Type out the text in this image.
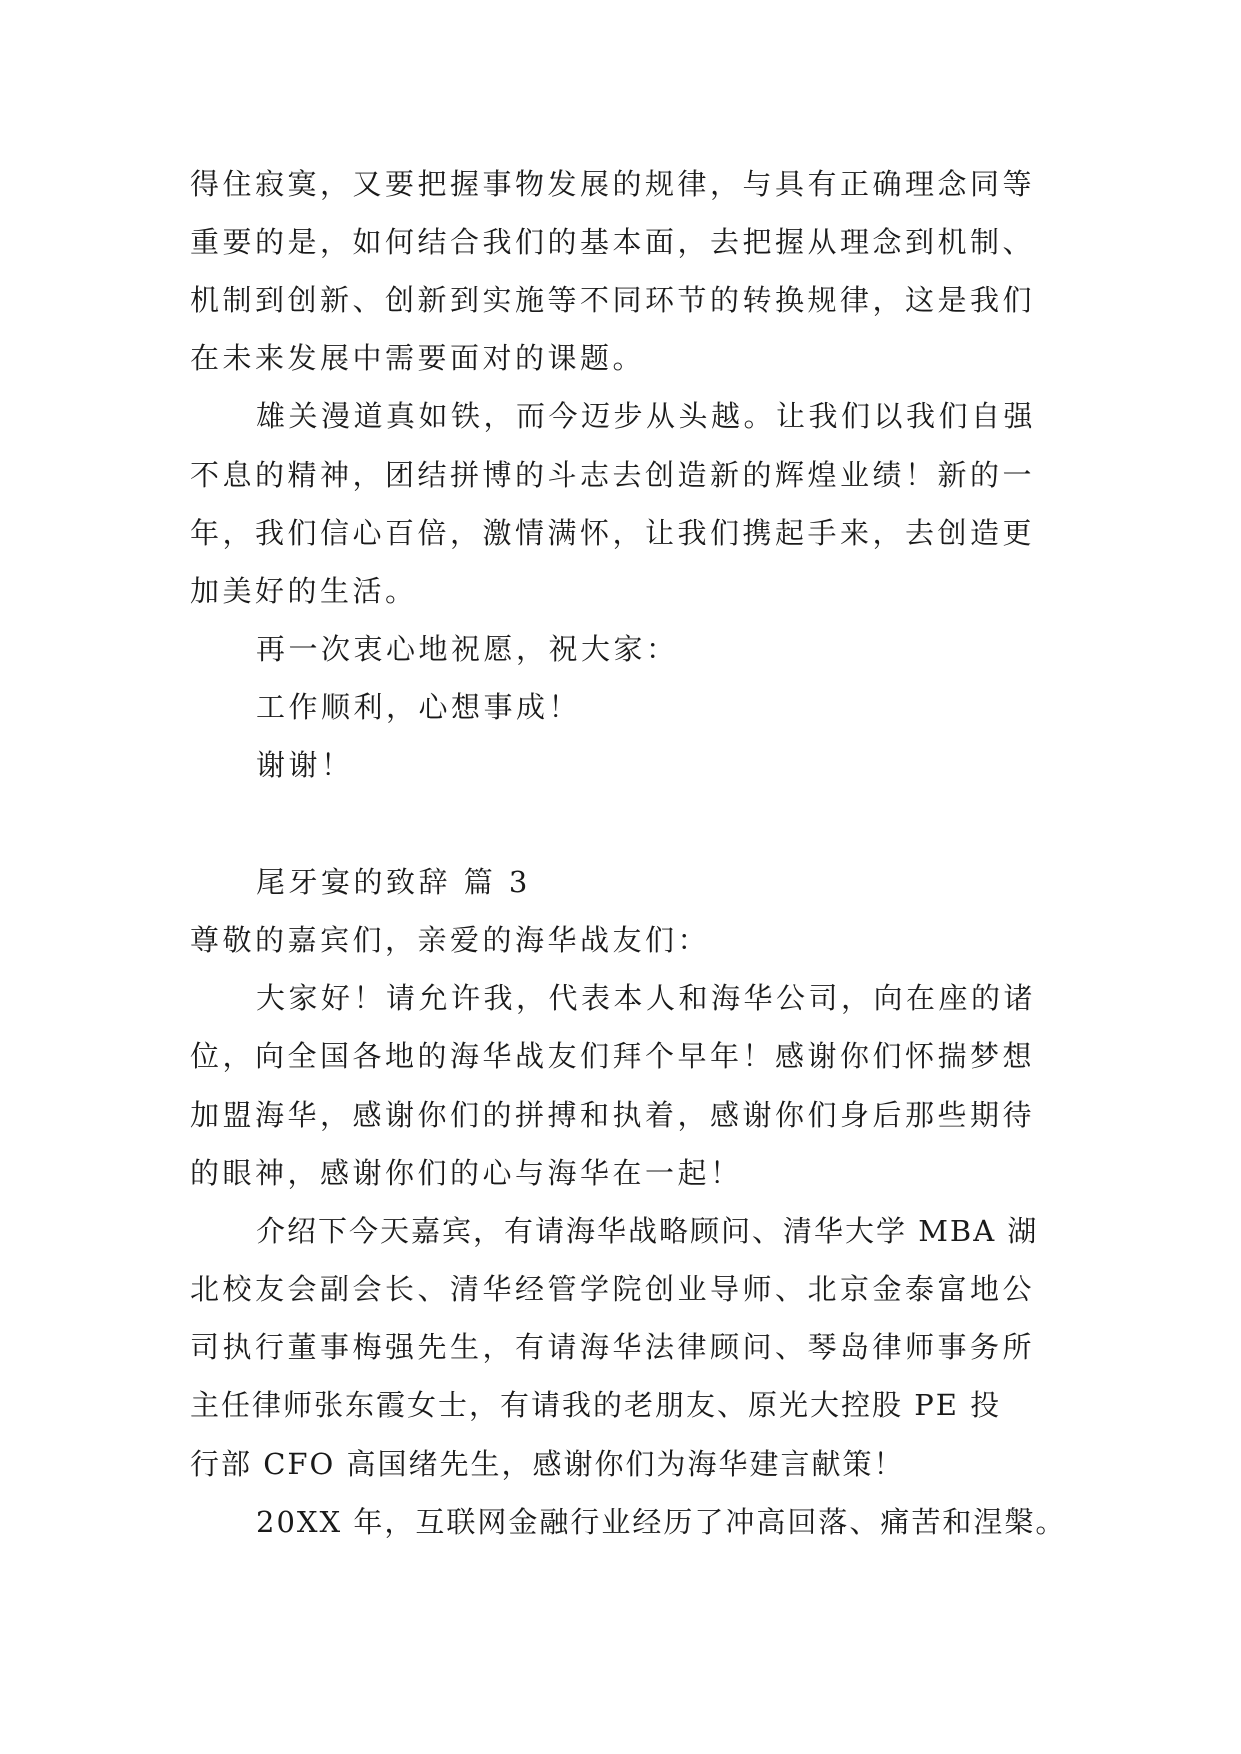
得住寂寞，又要把握事物发展的规律，与具有正确理念同等
重要的是，如何结合我们的基本面，去把握从理念到机制、
机制到创新、创新到实施等不同环节的转换规律，这是我们
在未来发展中需要面对的课题。
雄关漫道真如铁，而今迈步从头越。让我们以我们自强
不息的精神，团结拼博的斗志去创造新的辉煌业绩！新的一
年，我们信心百倍，激情满怀，让我们携起手来，去创造更
加美好的生活。
再一次衷心地祝愿，祝大家：
工作顺利，心想事成！
谢谢！
尾牙宴的致辞 篇 3
尊敬的嘉宾们，亲爱的海华战友们：
大家好！请允许我，代表本人和海华公司，向在座的诸
位，向全国各地的海华战友们拜个早年！感谢你们怀揣梦想
加盟海华，感谢你们的拼搏和执着，感谢你们身后那些期待
的眼神，感谢你们的心与海华在一起！
介绍下今天嘉宾，有请海华战略顾问、清华大学 MBA 湖
北校友会副会长、清华经管学院创业导师、北京金泰富地公
司执行董事梅强先生，有请海华法律顾问、琴岛律师事务所
主任律师张东霞女士，有请我的老朋友、原光大控股 PE 投
行部 CFO 高国绪先生，感谢你们为海华建言献策！
20XX 年，互联网金融行业经历了冲高回落、痛苦和涅槃。
